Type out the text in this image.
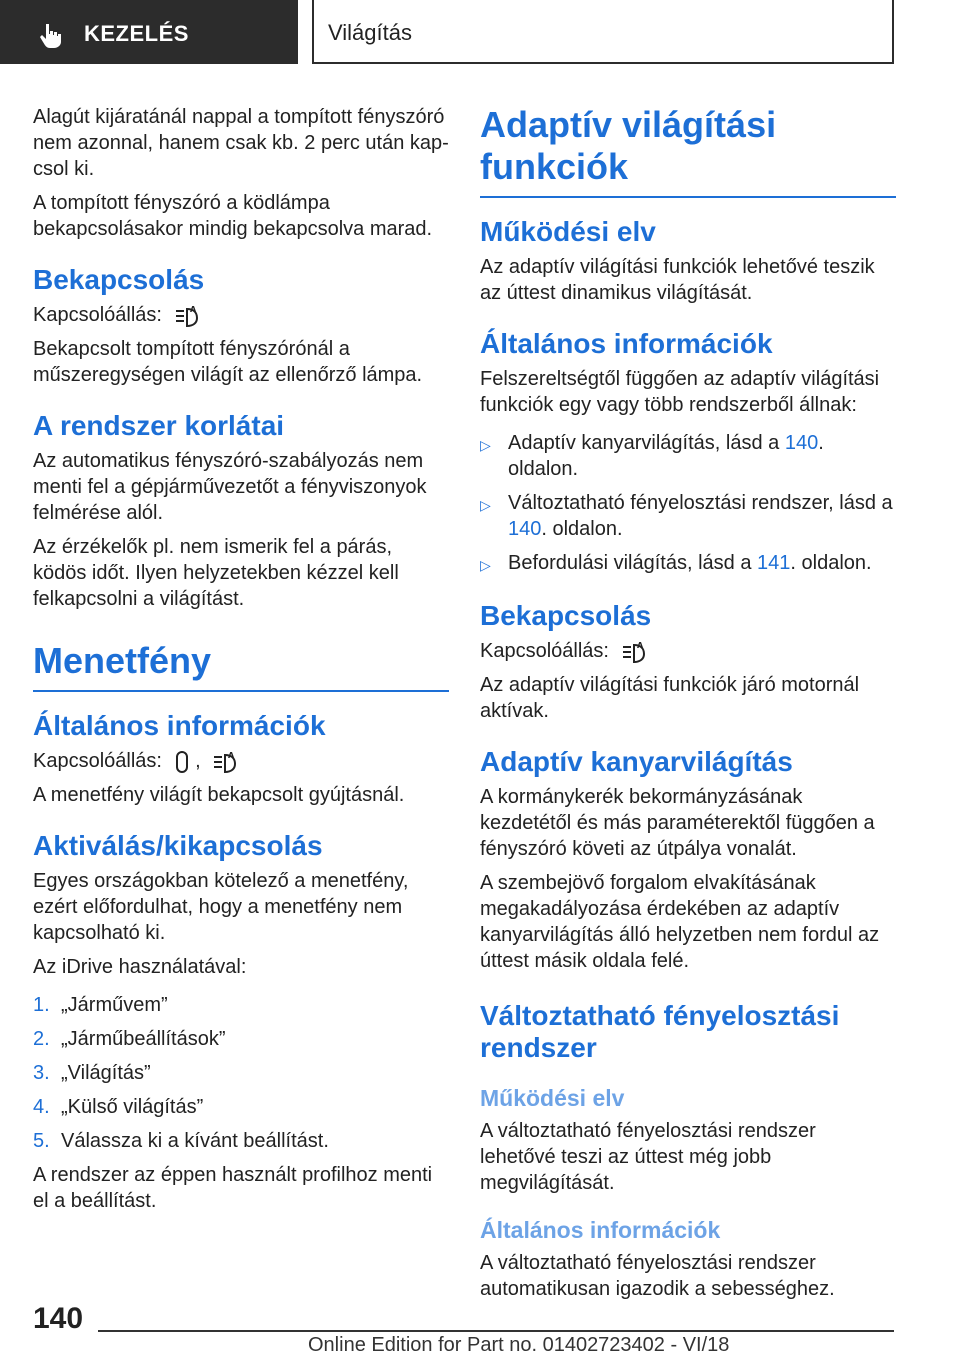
KEZELÉS	Világítás

Alagút kijáratánál nappal a tompított fényszóró nem azonnal, hanem csak kb. 2 perc után kapcsol ki.

A tompított fényszóró a ködlámpa bekapcsolásakor mindig bekapcsolva marad.

Bekapcsolás

Kapcsolóállás:	A

Bekapcsolt tompított fényszórónál a műszeregységen világít az ellenőrző lámpa.

A rendszer korlátai

Az automatikus fényszóró-szabályozás nem menti fel a gépjárművezetőt a fényviszonyok felmérése alól.

Az érzékelők pl. nem ismerik fel a párás, ködös időt. Ilyen helyzetekben kézzel kell felkapcsolni a világítást.

Menetfény
Általános információk

Kapcsolóállás: ,	A

A menetfény világít bekapcsolt gyújtásnál.

Aktiválás/kikapcsolás

Egyes országokban kötelező a menetfény, ezért előfordulhat, hogy a menetfény nem kapcsolható ki.

Az iDrive használatával:

1. „Járművem”
2. „Járműbeállítások”
3. „Világítás”
4. „Külső világítás”
5. Válassza ki a kívánt beállítást.

A rendszer az éppen használt profilhoz menti el a beállítást.

Adaptív világítási funkciók
Működési elv

Az adaptív világítási funkciók lehetővé teszik az úttest dinamikus világítását.

Általános információk

Felszereltségtől függően az adaptív világítási funkciók egy vagy több rendszerből állnak:

▷ Adaptív kanyarvilágítás, lásd a 140. oldalon.
▷ Változtatható fényelosztási rendszer, lásd a 140. oldalon.
▷ Befordulási világítás, lásd a 141. oldalon.
Bekapcsolás

Kapcsolóállás:	A

Az adaptív világítási funkciók járó motornál aktívak.

Adaptív kanyarvilágítás

A kormánykerék bekormányzásának kezdetétől és más paraméterektől függően a fényszóró követi az útpálya vonalát.

A szembejövő forgalom elvakításának megakadályozása érdekében az adaptív kanyarvilágítás álló helyzetben nem fordul az úttest másik oldala felé.

Változtatható fényelosztási rendszer
Működési elv

A változtatható fényelosztási rendszer lehetővé teszi az úttest még jobb megvilágítását.

Általános információk

A változtatható fényelosztási rendszer automatikusan igazodik a sebességhez.

140
Online Edition for Part no. 01402723402 - VI/18
